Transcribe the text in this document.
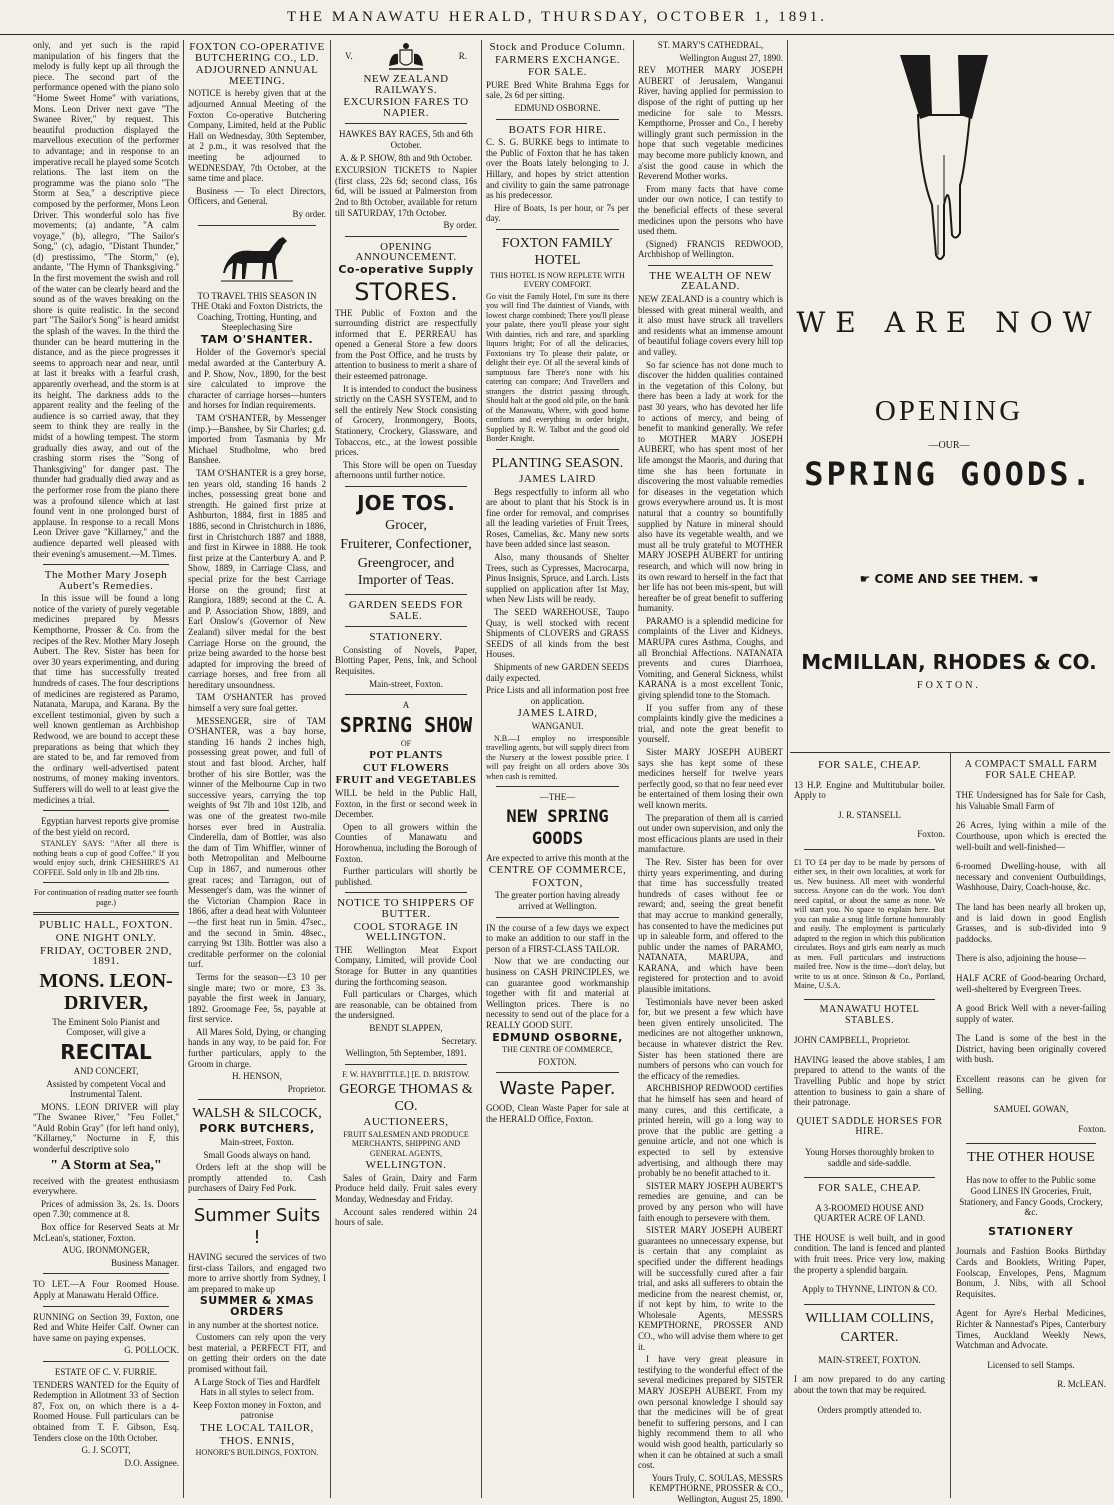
THE MANAWATU HERALD, THURSDAY, OCTOBER 1, 1891.

only, and yet such is the rapid manipulation of his fingers that the melody is fully kept up all through the piece. The second part of the performance opened with the piano solo "Home Sweet Home" with variations, Mons. Leon Driver next gave "The Swanee River," by request. This beautiful production displayed the marvellous execution of the performer to advantage; and in response to an imperative recall he played some Scotch relations. The last item on the programme was the piano solo "The Storm at Sea," a descriptive piece composed by the performer, Mons Leon Driver. This wonderful solo has five movements; (a) andante, "A calm voyage," (b), allegro, "The Sailor's Song," (c), adagio, "Distant Thunder," (d) prestissimo, "The Storm," (e), andante, "The Hymn of Thanksgiving." In the first movement the swish and roll of the water can be clearly heard and the sound as of the waves breaking on the shore is quite realistic. In the second part "The Sailor's Song" is heard amidst the splash of the waves. In the third the thunder can be heard muttering in the distance, and as the piece progresses it seems to approach near and near, until at last it breaks with a fearful crash, apparently overhead, and the storm is at its height. The darkness adds to the apparent reality and the feeling of the audience is so carried away, that they seem to think they are really in the midst of a howling tempest. The storm gradually dies away, and out of the crashing storm rises the "Song of Thanksgiving" for danger past. The thunder had gradually died away and as the performer rose from the piano there was a profound silence which at last found vent in one prolonged burst of applause. In response to a recall Mons Leon Driver gave "Killarney," and the audience departed well pleased with their evening's amusement.—M. Times.

The Mother Mary Joseph Aubert's Remedies.

In this issue will be found a long notice of the variety of purely vegetable medicines prepared by Messrs Kempthorne, Prosser & Co. from the recipes of the Rev. Mother Mary Joseph Aubert. The Rev. Sister has been for over 30 years experimenting, and during that time has successfully treated hundreds of cases. The four descriptions of medicines are registered as Paramo, Natanata, Marupa, and Karana. By the excellent testimonial, given by such a well known gentleman as Archbishop Redwood, we are bound to accept these preparations as being that which they are stated to be, and far removed from the ordinary well-advertised patent nostrums, of money making inventors. Sufferers will do well to at least give the medicines a trial.

Egyptian harvest reports give promise of the best yield on record.

STANLEY SAYS: "After all there is nothing beats a cup of good Coffee." If you would enjoy such, drink CHESHIRE'S A1 COFFEE. Sold only in 1lb and 2lb tins.

For continuation of reading matter see fourth page.)

PUBLIC HALL, FOXTON.
ONE NIGHT ONLY.
FRIDAY, OCTOBER 2ND, 1891.
MONS. LEON-DRIVER,

The Eminent Solo Pianist and Composer, will give a

RECITAL

AND CONCERT,

Assisted by competent Vocal and Instrumental Talent.

MONS. LEON DRIVER will play "The Swanee River," "Feu Follet," "Auld Robin Gray" (for left hand only), "Killarney," Nocturne in F, this wonderful descriptive solo

" A Storm at Sea,"

received with the greatest enthusiasm everywhere.

Prices of admission 3s, 2s. 1s. Doors open 7.30; commence at 8.

Box office for Reserved Seats at Mr McLean's, stationer, Foxton.

AUG. IRONMONGER,

Business Manager.

TO LET.—A Four Roomed House. Apply at Manawatu Herald Office.

RUNNING on Section 39, Foxton, one Red and White Heifer Calf. Owner can have same on paying expenses.

G. POLLOCK.

ESTATE OF C. V. FURRIE.

TENDERS WANTED for the Equity of Redemption in Allotment 33 of Section 87, Fox on, on which there is a 4-Roomed House. Full particulars can be obtained from T. F. Gibson, Esq. Tenders close on the 10th October.

G. J. SCOTT,

D.O. Assignee.

FOXTON CO-OPERATIVE BUTCHERING CO., LD.
ADJOURNED ANNUAL MEETING.

NOTICE is hereby given that at the adjourned Annual Meeting of the Foxton Co-operative Butchering Company, Limited, held at the Public Hall on Wednesday, 30th September, at 2 p.m., it was resolved that the meeting be adjourned to WEDNESDAY, 7th October, at the same time and place.

Business — To elect Directors, Officers, and General.

By order.

TO TRAVEL THIS SEASON IN THE Otaki and Foxton Districts, the Coaching, Trotting, Hunting, and Steeplechasing Sire

TAM O'SHANTER.

Holder of the Governor's special medal awarded at the Canterbury A. and P. Show, Nov., 1890, for the best sire calculated to improve the character of carriage horses—hunters and horses for Indian requirements.

TAM O'SHANTER, by Messenger (imp.)—Banshee, by Sir Charles; g.d. imported from Tasmania by Mr Michael Studholme, who bred Banshee.

TAM O'SHANTER is a grey horse, ten years old, standing 16 hands 2 inches, possessing great bone and strength. He gained first prize at Ashburton, 1884, first in 1885 and 1886, second in Christchurch in 1886, first in Christchurch 1887 and 1888, and first in Kirwee in 1888. He took first prize at the Canterbury A. and P. Show, 1889, in Carriage Class, and special prize for the best Carriage Horse on the ground; first at Rangiora, 1889; second at the C. A. and P. Association Show, 1889, and Earl Onslow's (Governor of New Zealand) silver medal for the best Carriage Horse on the ground, the prize being awarded to the horse best adapted for improving the breed of carriage horses, and free from all hereditary unsoundness.

TAM O'SHANTER has proved himself a very sure foal getter.

MESSENGER, sire of TAM O'SHANTER, was a bay horse, standing 16 hands 2 inches high, possessing great power, and full of stout and fast blood. Archer, half brother of his sire Bottler, was the winner of the Melbourne Cup in two successive years, carrying the top weights of 9st 7lb and 10st 12lb, and was one of the greatest two-mile horses ever bred in Australia. Cinderella, dam of Bottler, was also the dam of Tim Whiffler, winner of both Metropolitan and Melbourne Cup in 1867, and numerous other great races; and Tarragon, out of Messenger's dam, was the winner of the Victorian Champion Race in 1866, after a dead heat with Volunteer—the first heat run in 5min. 47sec., and the second in 5min. 48sec., carrying 9st 13lb. Bottler was also a creditable performer on the colonial turf.

Terms for the season—£3 10 per single mare; two or more, £3 3s. payable the first week in January, 1892. Groomage Fee, 5s, payable at first service.

All Mares Sold, Dying, or changing hands in any way, to be paid for. For further particulars, apply to the Groom in charge.

H. HENSON,

Proprietor.

WALSH & SILCOCK,
PORK BUTCHERS,

Main-street, Foxton.

Small Goods always on hand.

Orders left at the shop will be promptly attended to. Cash purchasers of Dairy Fed Pork.

Summer Suits !

HAVING secured the services of two first-class Tailors, and engaged two more to arrive shortly from Sydney, I am prepared to make up

SUMMER & XMAS ORDERS

in any number at the shortest notice.

Customers can rely upon the very best material, a PERFECT FIT, and on getting their orders on the date promised without fail.

A Large Stock of Ties and Hardfelt Hats in all styles to select from.

Keep Foxton money in Foxton, and patronise

THE LOCAL TAILOR,
THOS. ENNIS,

HONORE'S BUILDINGS, FOXTON.

V.	R.
NEW ZEALAND RAILWAYS.
EXCURSION FARES TO NAPIER.

HAWKES BAY RACES, 5th and 6th October.

A. & P. SHOW, 8th and 9th October.

EXCURSION TICKETS to Napier (first class, 22s 6d; second class, 16s 6d, will be issued at Palmerston from 2nd to 8th October, available for return till SATURDAY, 17th October.

By order.

OPENING ANNOUNCEMENT.
Co-operative Supply
STORES.

THE Public of Foxton and the surrounding district are respectfully informed that E. PERREAU has opened a General Store a few doors from the Post Office, and he trusts by attention to business to merit a share of their esteemed patronage.

It is intended to conduct the business strictly on the CASH SYSTEM, and to sell the entirely New Stock consisting of Grocery, Ironmongery, Boots, Stationery, Crockery, Glassware, and Tobaccos, etc., at the lowest possible prices.

This Store will be open on Tuesday afternoons until further notice.

JOE TOS.
Grocer,
Fruiterer, Confectioner,
Greengrocer, and Importer of Teas.
GARDEN SEEDS FOR SALE.
STATIONERY.

Consisting of Novels, Paper, Blotting Paper, Pens, Ink, and School Requisites.

Main-street, Foxton.

A

SPRING SHOW

OF

POT PLANTS
CUT FLOWERS
FRUIT and VEGETABLES

WILL be held in the Public Hall, Foxton, in the first or second week in December.

Open to all growers within the Counties of Manawatu and Horowhenua, including the Borough of Foxton.

Further particulars will shortly be published.

NOTICE TO SHIPPERS OF BUTTER.
COOL STORAGE IN WELLINGTON.

THE Wellington Meat Export Company, Limited, will provide Cool Storage for Butter in any quantities during the forthcoming season.

Full particulars or Charges, which are reasonable, can be obtained from the undersigned.

BENDT SLAPPEN,

Secretary.

Wellington, 5th September, 1891.

F. W. HAYBITTLE.] [E. D. BRISTOW.

GEORGE THOMAS & CO.
AUCTIONEERS,

FRUIT SALESMEN AND PRODUCE MERCHANTS, SHIPPING AND GENERAL AGENTS,

WELLINGTON.

Sales of Grain, Dairy and Farm Produce held daily. Fruit sales every Monday, Wednesday and Friday.

Account sales rendered within 24 hours of sale.

Stock and Produce Column.
FARMERS EXCHANGE.
FOR SALE.

PURE Bred White Brahma Eggs for sale, 2s 6d per sitting.

EDMUND OSBORNE.

BOATS FOR HIRE.

C. S. G. BURKE begs to intimate to the Public of Foxton that he has taken over the Boats lately belonging to J. Hillary, and hopes by strict attention and civility to gain the same patronage as his predecessor.

Hire of Boats, 1s per hour, or 7s per day.

FOXTON FAMILY HOTEL

THIS HOTEL IS NOW REPLETE WITH EVERY COMFORT.

Go visit the Family Hotel, I'm sure its there you will find The daintiest of Viands, with lowest charge combined; There you'll please your palate, there you'll please your sight With dainties, rich and rare, and sparkling liquors bright; For of all the delicacies, Foxtonians try To please their palate, or delight their eye. Of all the several kinds of sumptuous fare There's none with his catering can compare; And Travellers and strangers the district passing through, Should halt at the good old pile, on the bank of the Manawatu, Where, with good home comforts and everything in order bright, Supplied by R. W. Talbot and the good old Border Knight.

PLANTING SEASON.
JAMES LAIRD

Begs respectfully to inform all who are about to plant that his Stock is in fine order for removal, and comprises all the leading varieties of Fruit Trees, Roses, Camelias, &c. Many new sorts have been added since last season.

Also, many thousands of Shelter Trees, such as Cypresses, Macrocarpa, Pinus Insignis, Spruce, and Larch. Lists supplied on application after 1st May, when New Lists will be ready.

The SEED WAREHOUSE, Taupo Quay, is well stocked with recent Shipments of CLOVERS and GRASS SEEDS of all kinds from the best Houses.

Shipments of new GARDEN SEEDS daily expected.

Price Lists and all information post free on application.

JAMES LAIRD,

WANGANUI.

N.B.—I employ no irresponsible travelling agents, but will supply direct from the Nursery at the lowest possible price. I will pay freight on all orders above 30s when cash is remitted.

—THE—

NEW SPRING GOODS

Are expected to arrive this month at the

CENTRE OF COMMERCE,
FOXTON,

The greater portion having already arrived at Wellington.

IN the course of a few days we expect to make an addition to our staff in the person of a FIRST-CLASS TAILOR.

Now that we are conducting our business on CASH PRINCIPLES, we can guarantee good workmanship together with fit and material at Wellington prices. There is no necessity to send out of the place for a REALLY GOOD SUIT.

EDMUND OSBORNE,

THE CENTRE OF COMMERCE,

FOXTON.

Waste Paper.

GOOD, Clean Waste Paper for sale at the HERALD Office, Foxton.

ST. MARY'S CATHEDRAL,

Wellington August 27, 1890.

REV MOTHER MARY JOSEPH AUBERT of Jerusalem, Wanganui River, having applied for permission to dispose of the right of putting up her medicine for sale to Messrs. Kempthorne, Prosser and Co., I hereby willingly grant such permission in the hope that such vegetable medicines may become more publicly known, and a'sist the good cause in which the Reverend Mother works.

From many facts that have come under our own notice, I can testify to the beneficial effects of these several medicines upon the persons who have used them.

(Signed) FRANCIS REDWOOD, Archbishop of Wellington.

THE WEALTH OF NEW ZEALAND.

NEW ZEALAND is a country which is blessed with great mineral wealth, and it also must have struck all travellers and residents what an immense amount of beautiful foliage covers every hill top and valley.

So far science has not done much to discover the hidden qualities contained in the vegetation of this Colony, but there has been a lady at work for the past 30 years, who has devoted her life to actions of mercy, and being of benefit to mankind generally. We refer to MOTHER MARY JOSEPH AUBERT, who has spent most of her life amongst the Maoris, and during that time she has been fortunate in discovering the most valuable remedies for diseases in the vegetation which grows everywhere around us. It is most natural that a country so bountifully supplied by Nature in mineral should also have its vegetable wealth, and we must all be truly grateful to MOTHER MARY JOSEPH AUBERT for untiring research, and which will now bring in its own reward to herself in the fact that her life has not been mis-spent, but will hereafter be of great benefit to suffering humanity.

PARAMO is a splendid medicine for complaints of the Liver and Kidneys. MARUPA cures Asthma, Coughs, and all Bronchial Affections. NATANATA prevents and cures Diarrhoea, Vomiting, and General Sickness, whilst KARANA is a most excellent Tonic, giving splendid tone to the Stomach.

If you suffer from any of these complaints kindly give the medicines a trial, and note the great benefit to yourself.

Sister MARY JOSEPH AUBERT says she has kept some of these medicines herself for twelve years perfectly good, so that no fear need ever be entertained of them losing their own well known merits.

The preparation of them all is carried out under own supervision, and only the most efficacious plants are used in their manufacture.

The Rev. Sister has been for over thirty years experimenting, and during that time has successfully treated hundreds of cases without fee or reward; and, seeing the great benefit that may accrue to mankind generally, has consented to have the medicines put up in saleable form, and offered to the public under the names of PARAMO, NATANATA, MARUPA, and KARANA, and which have been registered for protection and to avoid plausible imitations.

Testimonials have never been asked for, but we present a few which have been given entirely unsolicited. The medicines are not altogether unknown, because in whatever district the Rev. Sister has been stationed there are numbers of persons who can vouch for the efficacy of the remedies.

ARCHBISHOP REDWOOD certifies that he himself has seen and heard of many cures, and this certificate, a printed herein, will go a long way to prove that the public are getting a genuine article, and not one which is expected to sell by extensive advertising, and although there may probably be no benefit attached to it.

SISTER MARY JOSEPH AUBERT'S remedies are genuine, and can be proved by any person who will have faith enough to persevere with them.

SISTER MARY JOSEPH AUBERT guarantees no unnecessary expense, but is certain that any complaint as specified under the different headings will be successfully cured after a fair trial, and asks all sufferers to obtain the medicine from the nearest chemist, or, if not kept by him, to write to the Wholesale Agents, MESSRS KEMPTHORNE, PROSSER AND CO., who will advise them where to get it.

I have very great pleasure in testifying to the wonderful effect of the several medicines prepared by SISTER MARY JOSEPH AUBERT. From my own personal knowledge I should say that the medicines will be of great benefit to suffering persons, and I can highly recommend them to all who would wish good health, particularly so when it can be obtained at such a small cost.

Yours Truly, C. SOULAS, MESSRS KEMPTHORNE, PROSSER & CO., Wellington, August 25, 1890.

WE ARE NOW
OPENING
—OUR—
SPRING GOODS.
☛ COME AND SEE THEM. ☚
McMILLAN, RHODES & CO.
FOXTON.
FOR SALE, CHEAP.

13 H.P. Engine and Multitubular boiler. Apply to

J. R. STANSELL

Foxton.

£1 TO £4 per day to be made by persons of either sex, in their own localities, at work for us. New business. All meet with wonderful success. Anyone can do the work. You don't need capital, or about the same as none. We will start you. No space to explain here. But you can make a snug little fortune honourably and easily. The employment is particularly adapted to the region in which this publication circulates. Boys and girls earn nearly as much as men. Full particulars and instructions mailed free. Now is the time—don't delay, but write to us at once. Stinson & Co., Portland, Maine, U.S.A.

MANAWATU HOTEL STABLES.

JOHN CAMPBELL, Proprietor.

HAVING leased the above stables, I am prepared to attend to the wants of the Travelling Public and hope by strict attention to business to gain a share of their patronage.

QUIET SADDLE HORSES FOR HIRE.

Young Horses thoroughly broken to saddle and side-saddle.

FOR SALE, CHEAP.

A 3-ROOMED HOUSE AND QUARTER ACRE OF LAND.

THE HOUSE is well built, and in good condition. The land is fenced and planted with fruit trees. Price very low, making the property a splendid bargain.

Apply to THYNNE, LINTON & CO.

WILLIAM COLLINS,
CARTER.

MAIN-STREET, FOXTON.

I am now prepared to do any carting about the town that may be required.

Orders promptly attended to.

A COMPACT SMALL FARM FOR SALE CHEAP.

THE Undersigned has for Sale for Cash, his Valuable Small Farm of

26 Acres, lying within a mile of the Courthouse, upon which is erected the well-built and well-finished—

6-roomed Dwelling-house, with all necessary and convenient Outbuildings, Washhouse, Dairy, Coach-house, &c.

The land has been nearly all broken up, and is laid down in good English Grasses, and is sub-divided into 9 paddocks.

There is also, adjoining the house—

HALF ACRE of Good-bearing Orchard, well-sheltered by Evergreen Trees.

A good Brick Well with a never-failing supply of water.

The Land is some of the best in the District, having been originally covered with bush.

Excellent reasons can be given for Selling.

SAMUEL GOWAN,

Foxton.

THE OTHER HOUSE

Has now to offer to the Public some Good LINES IN Groceries, Fruit, Stationery, and Fancy Goods, Crockery, &c.

STATIONERY

Journals and Fashion Books Birthday Cards and Booklets, Writing Paper, Foolscap, Envelopes, Pens, Magnum Bonum, J. Nibs, with all School Requisites.

Agent for Ayre's Herbal Medicines, Richter & Nannestad's Pipes, Canterbury Times, Auckland Weekly News, Watchman and Advocate.

Licensed to sell Stamps.

R. McLEAN.
